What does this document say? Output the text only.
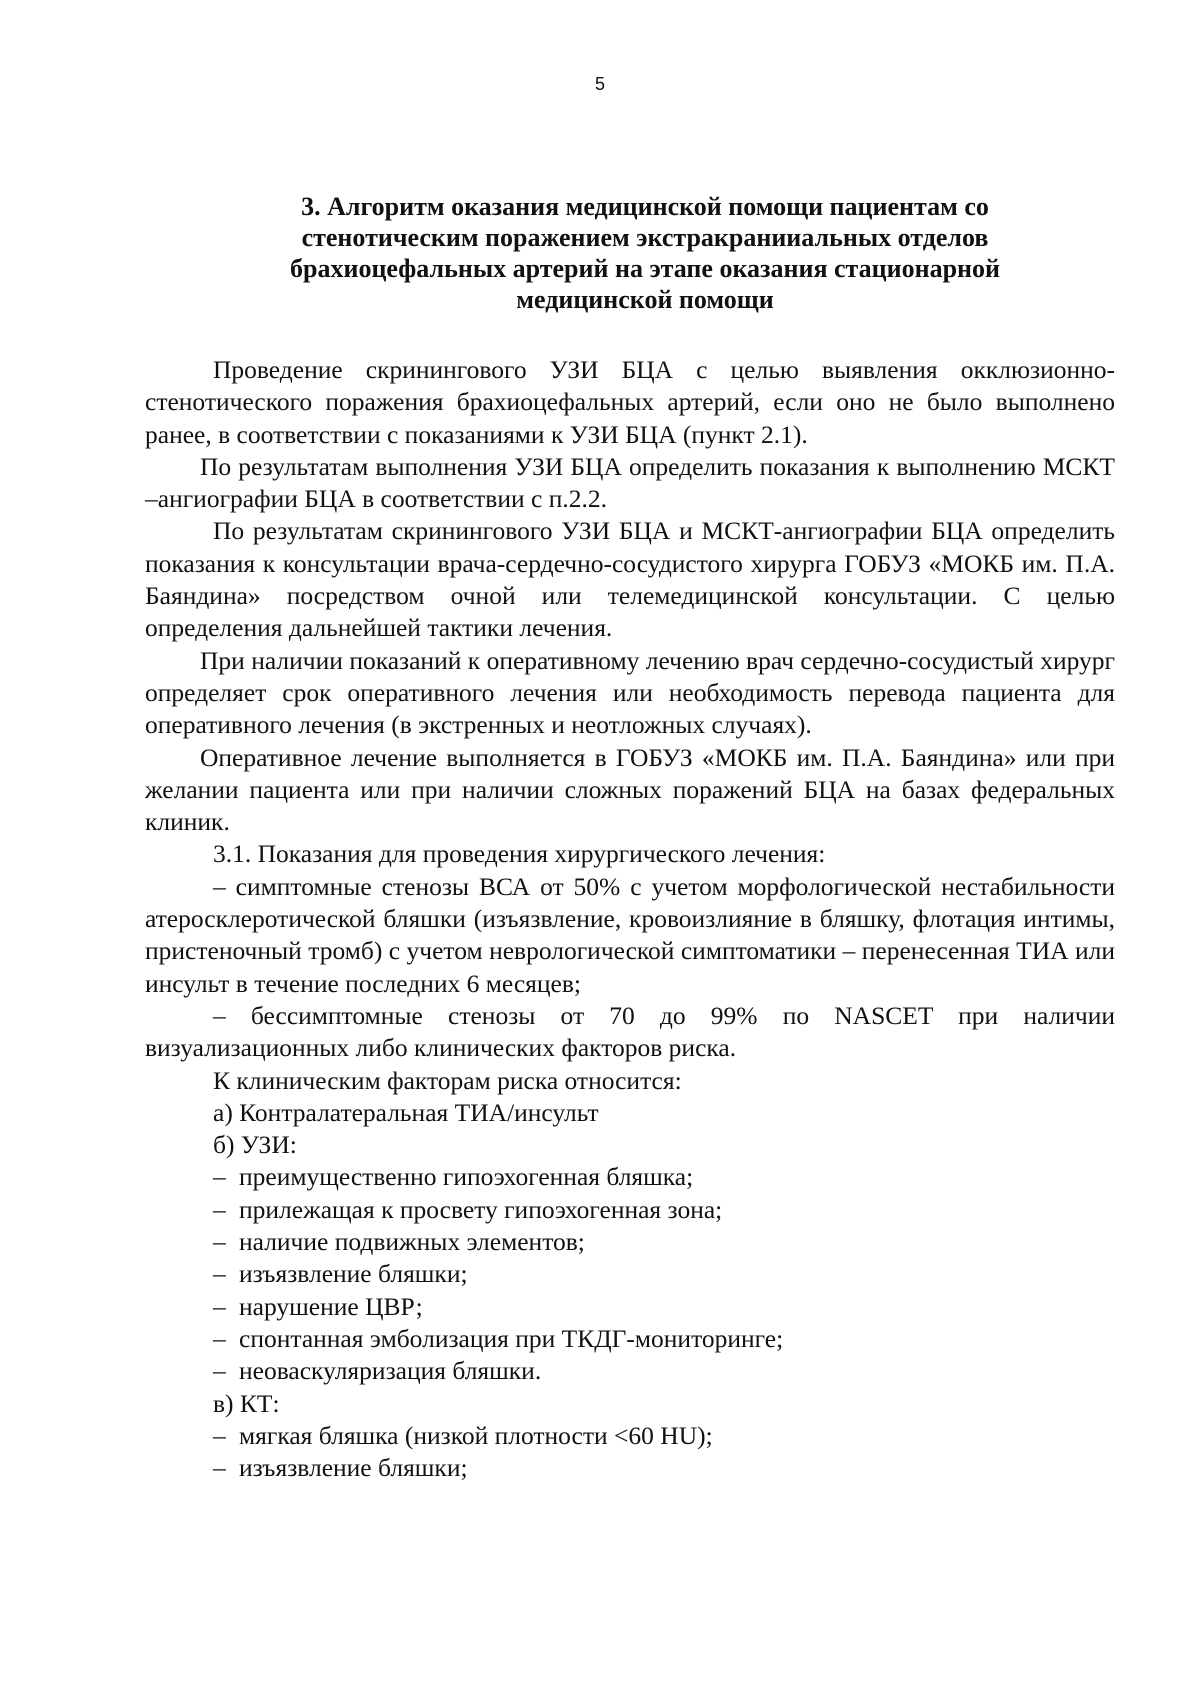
5
3. Алгоритм оказания медицинской помощи пациентам со стенотическим поражением экстракранииальных отделов брахиоцефальных артерий на этапе оказания стационарной медицинской помощи

Проведение скринингового УЗИ БЦА с целью выявления окклюзионно-стенотического поражения брахиоцефальных артерий, если оно не было выполнено ранее, в соответствии с показаниями к УЗИ БЦА (пункт 2.1).

По результатам выполнения УЗИ БЦА определить показания к выполнению МСКТ –ангиографии БЦА в соответствии с п.2.2.

По результатам скринингового УЗИ БЦА и МСКТ-ангиографии БЦА определить показания к консультации врача-сердечно-сосудистого хирурга ГОБУЗ «МОКБ им. П.А. Баяндина» посредством очной или телемедицинской консультации. С целью определения дальнейшей тактики лечения.

При наличии показаний к оперативному лечению врач сердечно-сосудистый хирург определяет срок оперативного лечения или необходимость перевода пациента для оперативного лечения (в экстренных и неотложных случаях).

Оперативное лечение выполняется в ГОБУЗ «МОКБ им. П.А. Баяндина» или при желании пациента или при наличии сложных поражений БЦА на базах федеральных клиник.

3.1. Показания для проведения хирургического лечения:

– симптомные стенозы ВСА от 50% с учетом морфологической нестабильности атеросклеротической бляшки (изъязвление, кровоизлияние в бляшку, флотация интимы, пристеночный тромб) с учетом неврологической симптоматики – перенесенная ТИА или инсульт в течение последних 6 месяцев;

– бессимптомные стенозы от 70 до 99% по NASCET при наличии визуализационных либо клинических факторов риска.

К клиническим факторам риска относится:

а) Контралатеральная ТИА/инсульт

б) УЗИ:

– преимущественно гипоэхогенная бляшка;

– прилежащая к просвету гипоэхогенная зона;

– наличие подвижных элементов;

– изъязвление бляшки;

– нарушение ЦВР;

– спонтанная эмболизация при ТКДГ-мониторинге;

– неоваскуляризация бляшки.

в) КТ:

– мягкая бляшка (низкой плотности <60 HU);

– изъязвление бляшки;
